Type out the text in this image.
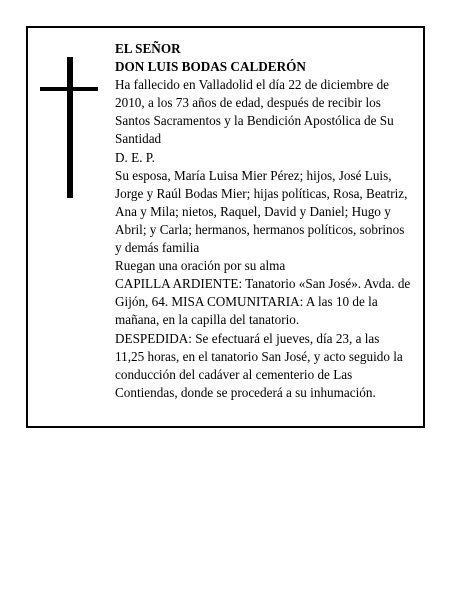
EL SEÑOR
DON LUIS BODAS CALDERÓN
Ha fallecido en Valladolid el día 22 de diciembre de
2010, a los 73 años de edad, después de recibir los
Santos Sacramentos y la Bendición Apostólica de Su
Santidad
D. E. P.
Su esposa, María Luisa Mier Pérez; hijos, José Luis,
Jorge y Raúl Bodas Mier; hijas políticas, Rosa, Beatriz,
Ana y Mila; nietos, Raquel, David y Daniel; Hugo y
Abril; y Carla; hermanos, hermanos políticos, sobrinos
y demás familia
Ruegan una oración por su alma
CAPILLA ARDIENTE: Tanatorio «San José». Avda. de
Gijón, 64. MISA COMUNITARIA: A las 10 de la
mañana, en la capilla del tanatorio.
DESPEDIDA: Se efectuará el jueves, día 23, a las
11,25 horas, en el tanatorio San José, y acto seguido la
conducción del cadáver al cementerio de Las
Contiendas, donde se procederá a su inhumación.
